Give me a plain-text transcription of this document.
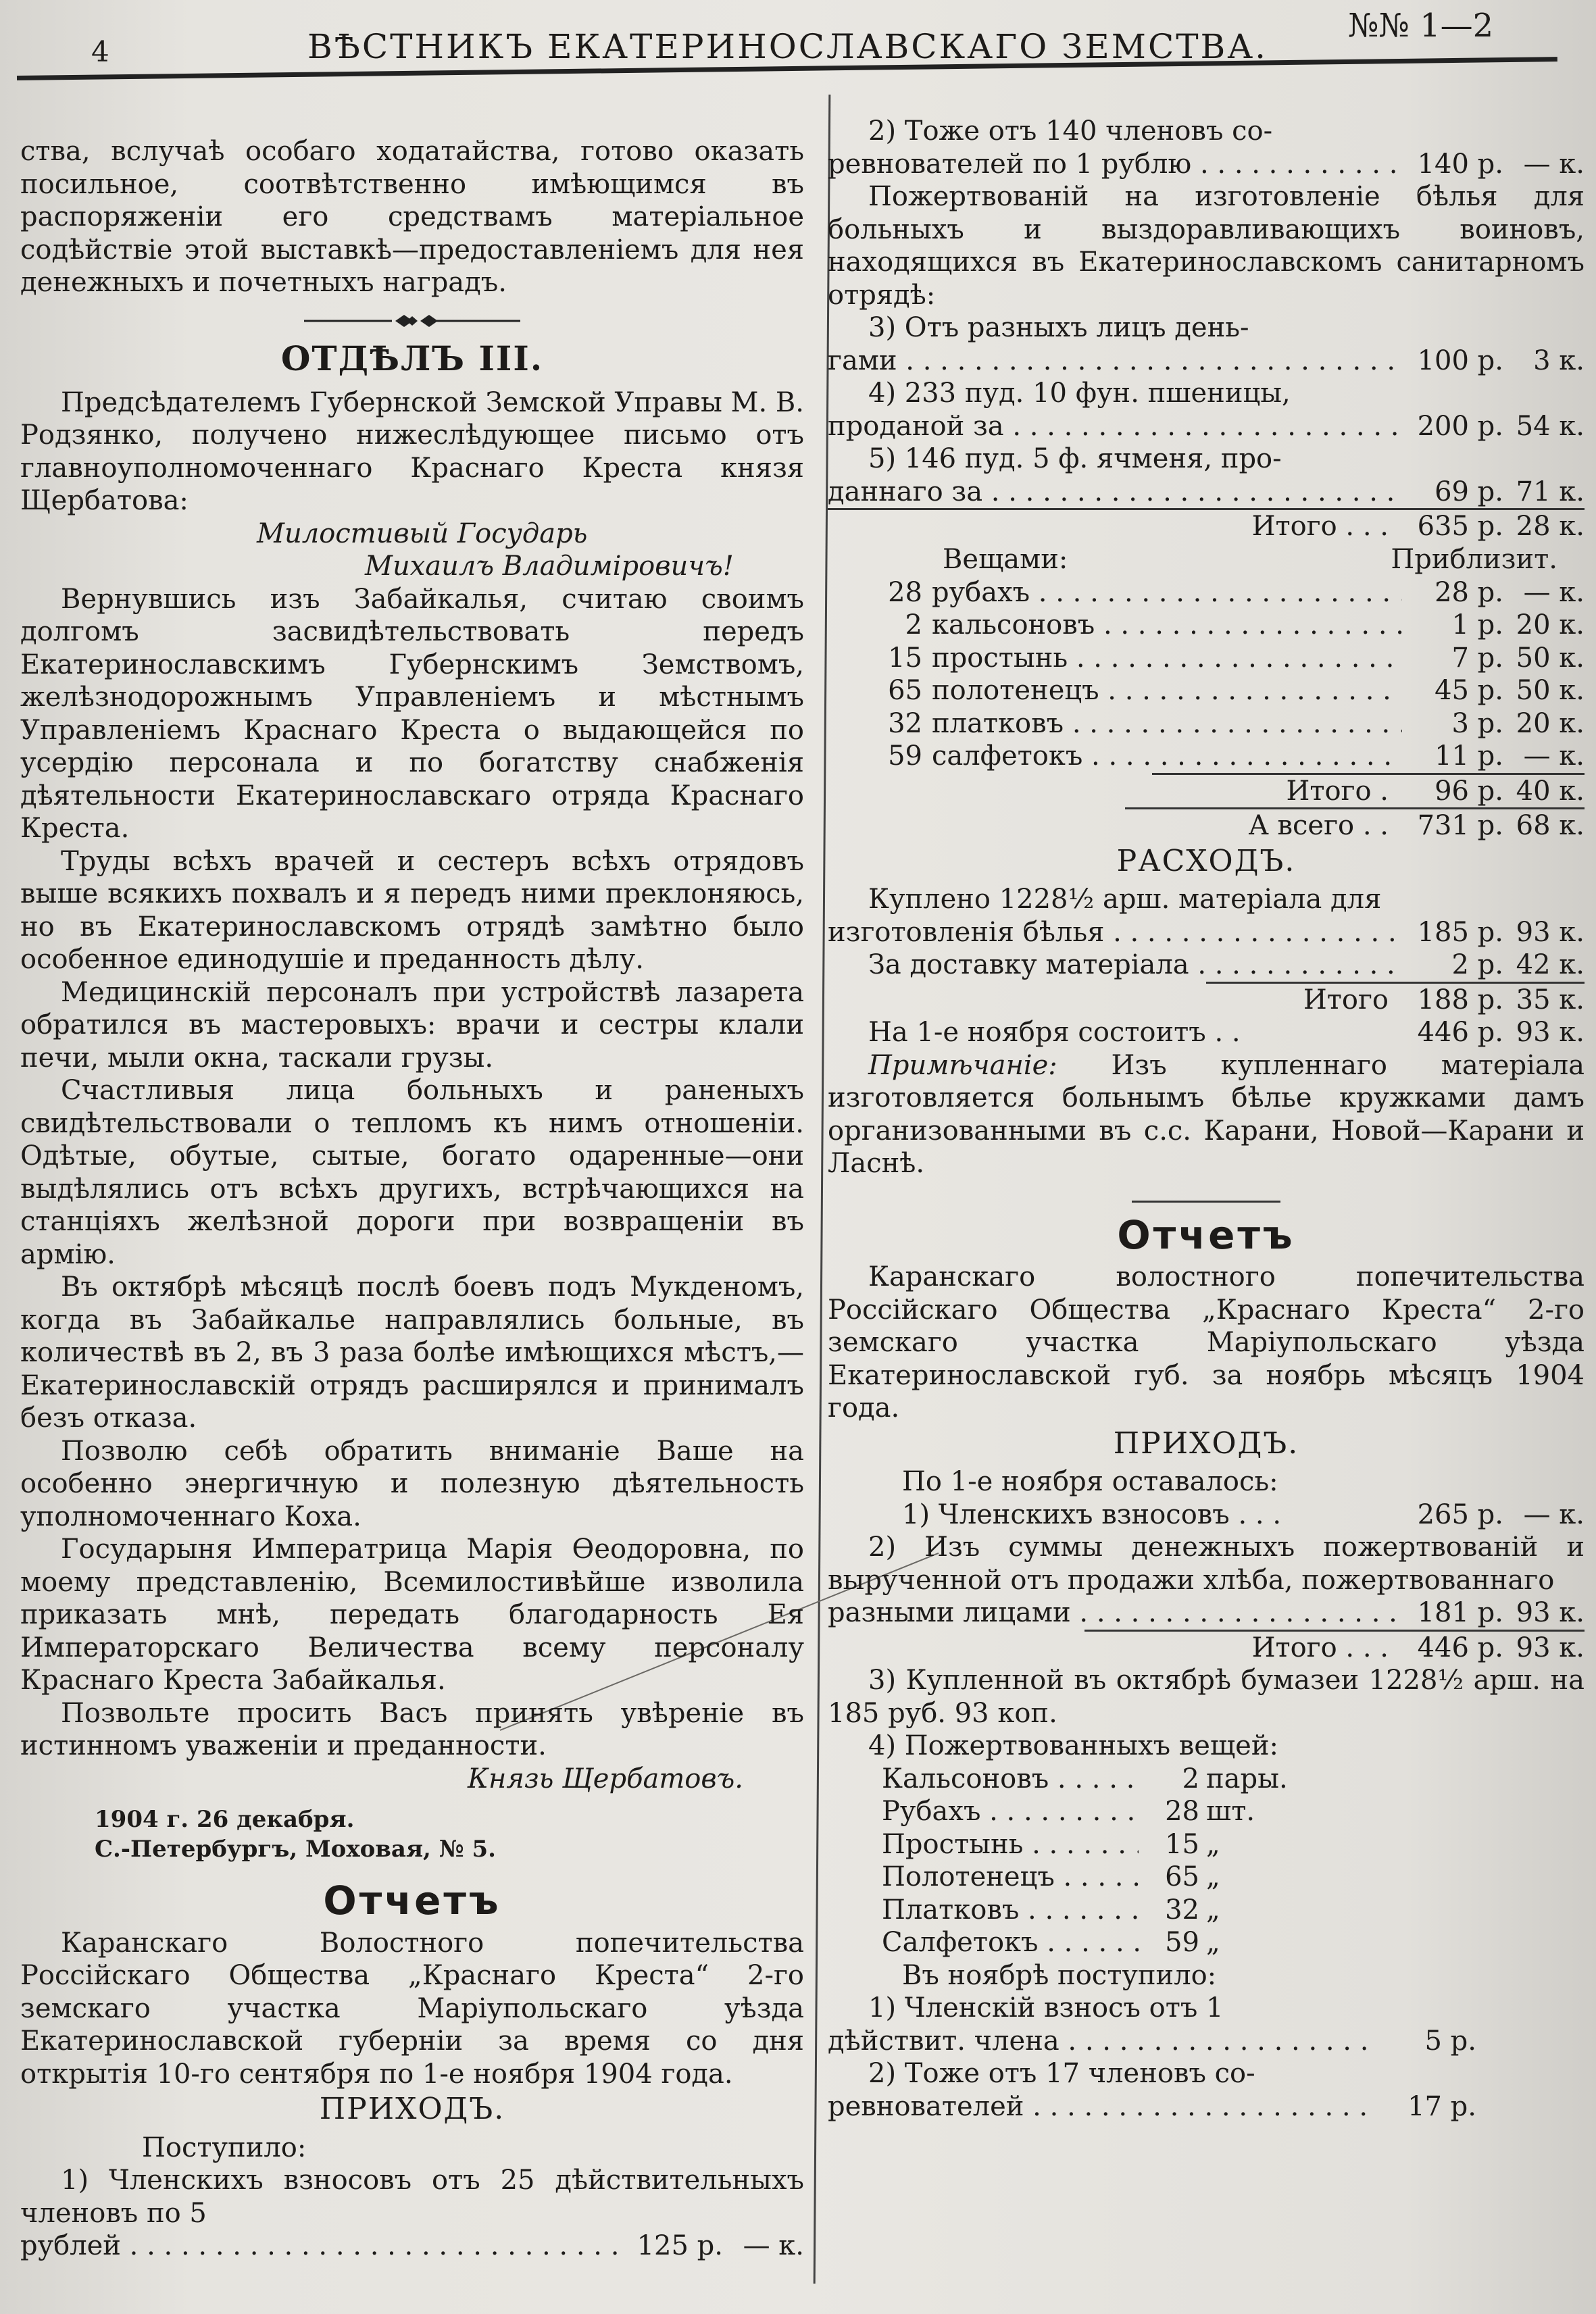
4	ВѢСТНИКЪ ЕКАТЕРИНОСЛАВСКАГО ЗЕМСТВА.
№№ 1—2

ства, вслучаѣ особаго ходатайства, готово оказать посильное, соотвѣтственно имѣющимся въ распоряженіи его средствамъ матеріальное содѣйствіе этой выставкѣ—предоставленіемъ для нея денежныхъ и почетныхъ наградъ.

ОТДѢЛЪ III.

Предсѣдателемъ Губернской Земской Управы М. В. Родзянко, получено нижеслѣдующее письмо отъ главноуполномоченнаго Краснаго Креста князя Щербатова:

Милостивый Государь
Михаилъ Владиміровичъ!

Вернувшись изъ Забайкалья, считаю своимъ долгомъ засвидѣтельствовать передъ Екатеринославскимъ Губернскимъ Земствомъ, желѣзнодорожнымъ Управленіемъ и мѣстнымъ Управленіемъ Краснаго Креста о выдающейся по усердію персонала и по богатству снабженія дѣятельности Екатеринославскаго отряда Краснаго Креста.

Труды всѣхъ врачей и сестеръ всѣхъ отрядовъ выше всякихъ похвалъ и я передъ ними преклоняюсь, но въ Екатеринославскомъ отрядѣ замѣтно было особенное единодушіе и преданность дѣлу.

Медицинскій персоналъ при устройствѣ лазарета обратился въ мастеровыхъ: врачи и сестры клали печи, мыли окна, таскали грузы.

Счастливыя лица больныхъ и раненыхъ свидѣтельствовали о тепломъ къ нимъ отношеніи. Одѣтые, обутые, сытые, богато одаренные—они выдѣлялись отъ всѣхъ другихъ, встрѣчающихся на станціяхъ желѣзной дороги при возвращеніи въ армію.

Въ октябрѣ мѣсяцѣ послѣ боевъ подъ Мукденомъ, когда въ Забайкалье направлялись больные, въ количествѣ въ 2, въ 3 раза болѣе имѣющихся мѣстъ,—Екатеринославскій отрядъ расширялся и принималъ безъ отказа.

Позволю себѣ обратить вниманіе Ваше на особенно энергичную и полезную дѣятельность уполномоченнаго Коха.

Государыня Императрица Марія Ѳеодоровна, по моему представленію, Всемилостивѣйше изволила приказать мнѣ, передать благодарность Ея Императорскаго Величества всему персоналу Краснаго Креста Забайкалья.

Позвольте просить Васъ принять увѣреніе въ истинномъ уваженіи и преданности.

Князь Щербатовъ.
1904 г. 26 декабря.
С.-Петербургъ, Моховая, № 5.
Отчетъ

Каранскаго Волостного попечительства Россійскаго Общества „Краснаго Креста“ 2-го земскаго участка Маріупольскаго уѣзда Екатеринославской губерніи за время со дня открытія 10-го сентября по 1-е ноября 1904 года.

ПРИХОДЪ.
Поступило:

1) Членскихъ взносовъ отъ 25 дѣйствительныхъ членовъ по 5

рублей . . .	125 р. — к.

2) Тоже отъ 140 членовъ со-

ревнователей по 1 рублю . . .	140 р. — к.

Пожертвованій на изготовленіе бѣлья для больныхъ и выздоравливающихъ воиновъ, находящихся въ Екатеринославскомъ санитарномъ отрядѣ:

3) Отъ разныхъ лицъ день-

гами . . .	100 р.	3 к.

4) 233 пуд. 10 фун. пшеницы,

проданой за . . .	200 р. 54 к.

5) 146 пуд. 5 ф. ячменя, про-

даннаго за . . .	69 р. 71 к.
Итого . . .	635 р. 28 к.
Приблизит.
Вещами:
28 рубахъ . . .	28 р. — к.
2 кальсоновъ . . .	1 р. 20 к.
15 простынь . . .	7 р. 50 к.
65 полотенецъ . . .	45 р. 50 к.
32 платковъ . . .	3 р. 20 к.
59 салфетокъ . . .	11 р. — к.
Итого .	96 р. 40 к.
А всего . .	731 р. 68 к.
РАСХОДЪ.

Куплено 1228½ арш. матеріала для

изготовленія бѣлья . . .	185 р. 93 к.
За доставку матеріала . . .	2 р. 42 к.
Итого	188 р. 35 к.
На 1-е ноября состоитъ . .	446 р. 93 к.

Примѣчаніе: Изъ купленнаго матеріала изготовляется больнымъ бѣлье кружками дамъ организованными въ с.с. Карани, Новой—Карани и Ласнѣ.

Отчетъ

Каранскаго волостного попечительства Россійскаго Общества „Краснаго Креста“ 2-го земскаго участка Маріупольскаго уѣзда Екатеринославской губ. за ноябрь мѣсяцъ 1904 года.

ПРИХОДЪ.
По 1-е ноября оставалось:
1) Членскихъ взносовъ . . .	265 р. — к.

2) Изъ суммы денежныхъ пожертвованій и вырученной отъ продажи хлѣба, пожертвованнаго

разными лицами . . .	181 р. 93 к.
Итого . . .	446 р. 93 к.

3) Купленной въ октябрѣ бумазеи 1228½ арш. на 185 руб. 93 коп.

4) Пожертвованныхъ вещей:

Кальсоновъ . . .	2 пары.
Рубахъ . . .	28 шт.
Простынь . . .	15 „
Полотенецъ . . .	65 „
Платковъ . . .	32 „
Салфетокъ . . .	59 „
Въ ноябрѣ поступило:

1) Членскій взносъ отъ 1

дѣйствит. члена . . .	5 р.

2) Тоже отъ 17 членовъ со-

ревнователей . . .	17 р.
